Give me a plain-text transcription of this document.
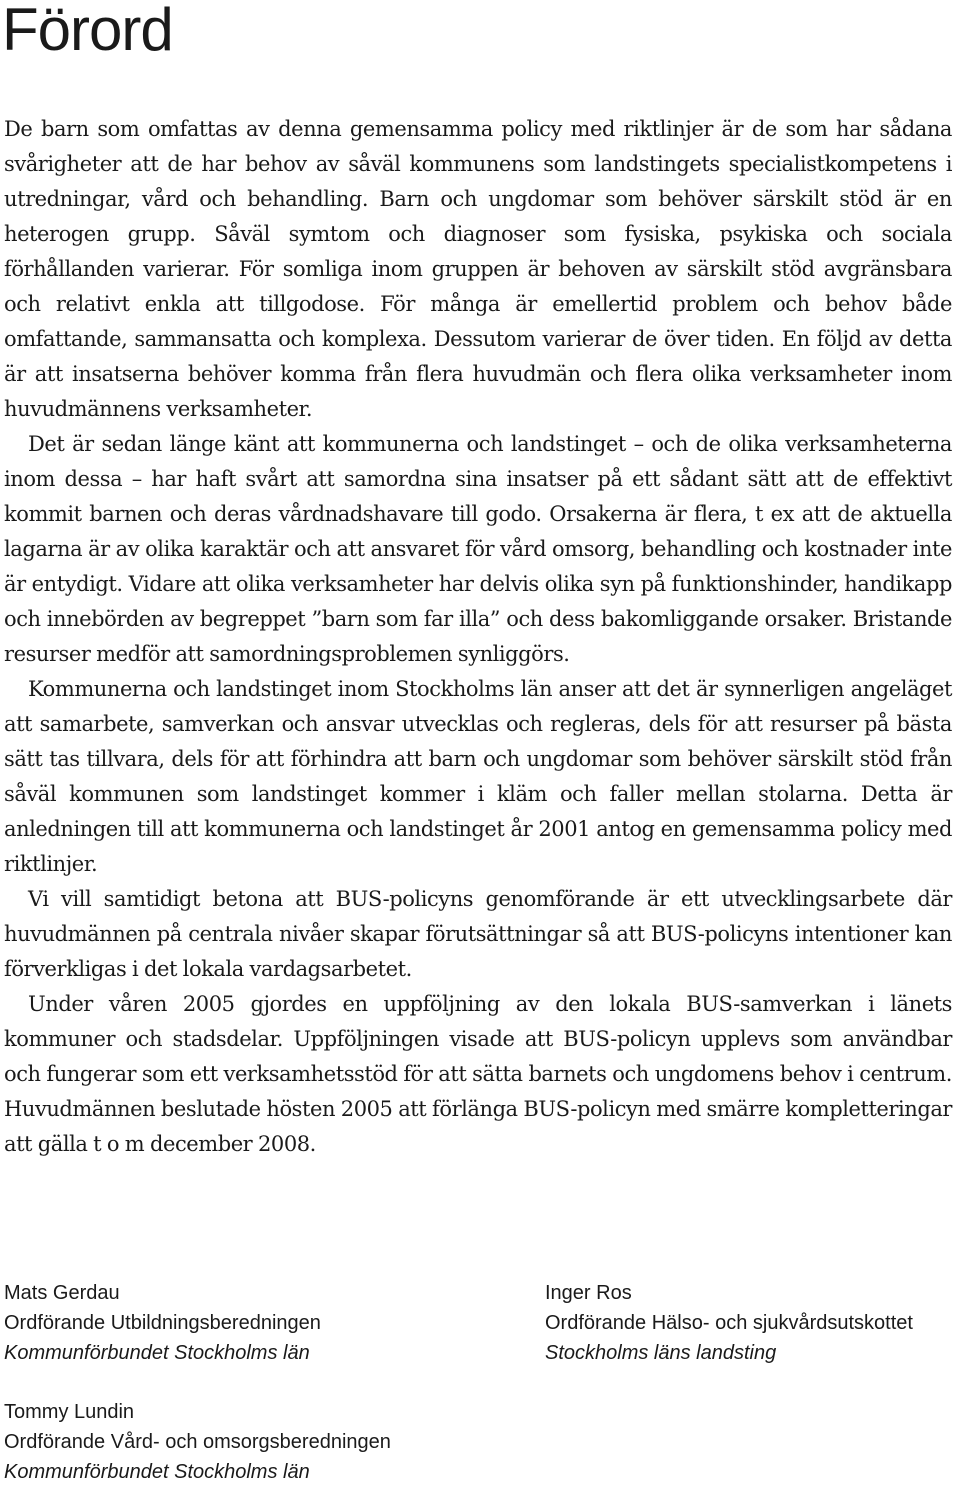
Förord

De barn som omfattas av denna gemensamma policy med riktlinjer är de som har sådana svårigheter att de har behov av såväl kommunens som landstingets specialistkompetens i utredningar, vård och behandling. Barn och ungdomar som behöver särskilt stöd är en heterogen grupp. Såväl symtom och diagnoser som fysiska, psykiska och sociala förhållanden varierar. För somliga inom gruppen är behoven av särskilt stöd avgränsbara och relativt enkla att tillgodose. För många är emellertid problem och behov både omfattande, sammansatta och komplexa. Dessutom varierar de över tiden. En följd av detta är att insatserna behöver komma från flera huvudmän och flera olika verksamheter inom huvudmännens verksamheter.

Det är sedan länge känt att kommunerna och landstinget – och de olika verksamheterna inom dessa – har haft svårt att samordna sina insatser på ett sådant sätt att de effektivt kommit barnen och deras vårdnadshavare till godo. Orsakerna är flera, t ex att de aktuella lagarna är av olika karaktär och att ansvaret för vård omsorg, behandling och kostnader inte är entydigt. Vidare att olika verksamheter har delvis olika syn på funktionshinder, handikapp och innebörden av begreppet ”barn som far illa” och dess bakomliggande orsaker. Bristande resurser medför att samordningsproblemen synliggörs.

Kommunerna och landstinget inom Stockholms län anser att det är synnerligen angeläget att samarbete, samverkan och ansvar utvecklas och regleras, dels för att resurser på bästa sätt tas tillvara, dels för att förhindra att barn och ungdomar som behöver särskilt stöd från såväl kommunen som landstinget kommer i kläm och faller mellan stolarna. Detta är anledningen till att kommunerna och landstinget år 2001 antog en gemensamma policy med riktlinjer.

Vi vill samtidigt betona att BUS-policyns genomförande är ett utvecklingsarbete där huvudmännen på centrala nivåer skapar förutsättningar så att BUS-policyns intentioner kan förverkligas i det lokala vardagsarbetet.

Under våren 2005 gjordes en uppföljning av den lokala BUS-samverkan i länets kommuner och stadsdelar. Uppföljningen visade att BUS-policyn upplevs som användbar och fungerar som ett verksamhetsstöd för att sätta barnets och ungdomens behov i centrum. Huvudmännen beslutade hösten 2005 att förlänga BUS-policyn med smärre kompletteringar att gälla t o m december 2008.

Mats Gerdau
Ordförande Utbildningsberedningen
Kommunförbundet Stockholms län
Inger Ros
Ordförande Hälso- och sjukvårdsutskottet
Stockholms läns landsting
Tommy Lundin
Ordförande Vård- och omsorgsberedningen
Kommunförbundet Stockholms län
